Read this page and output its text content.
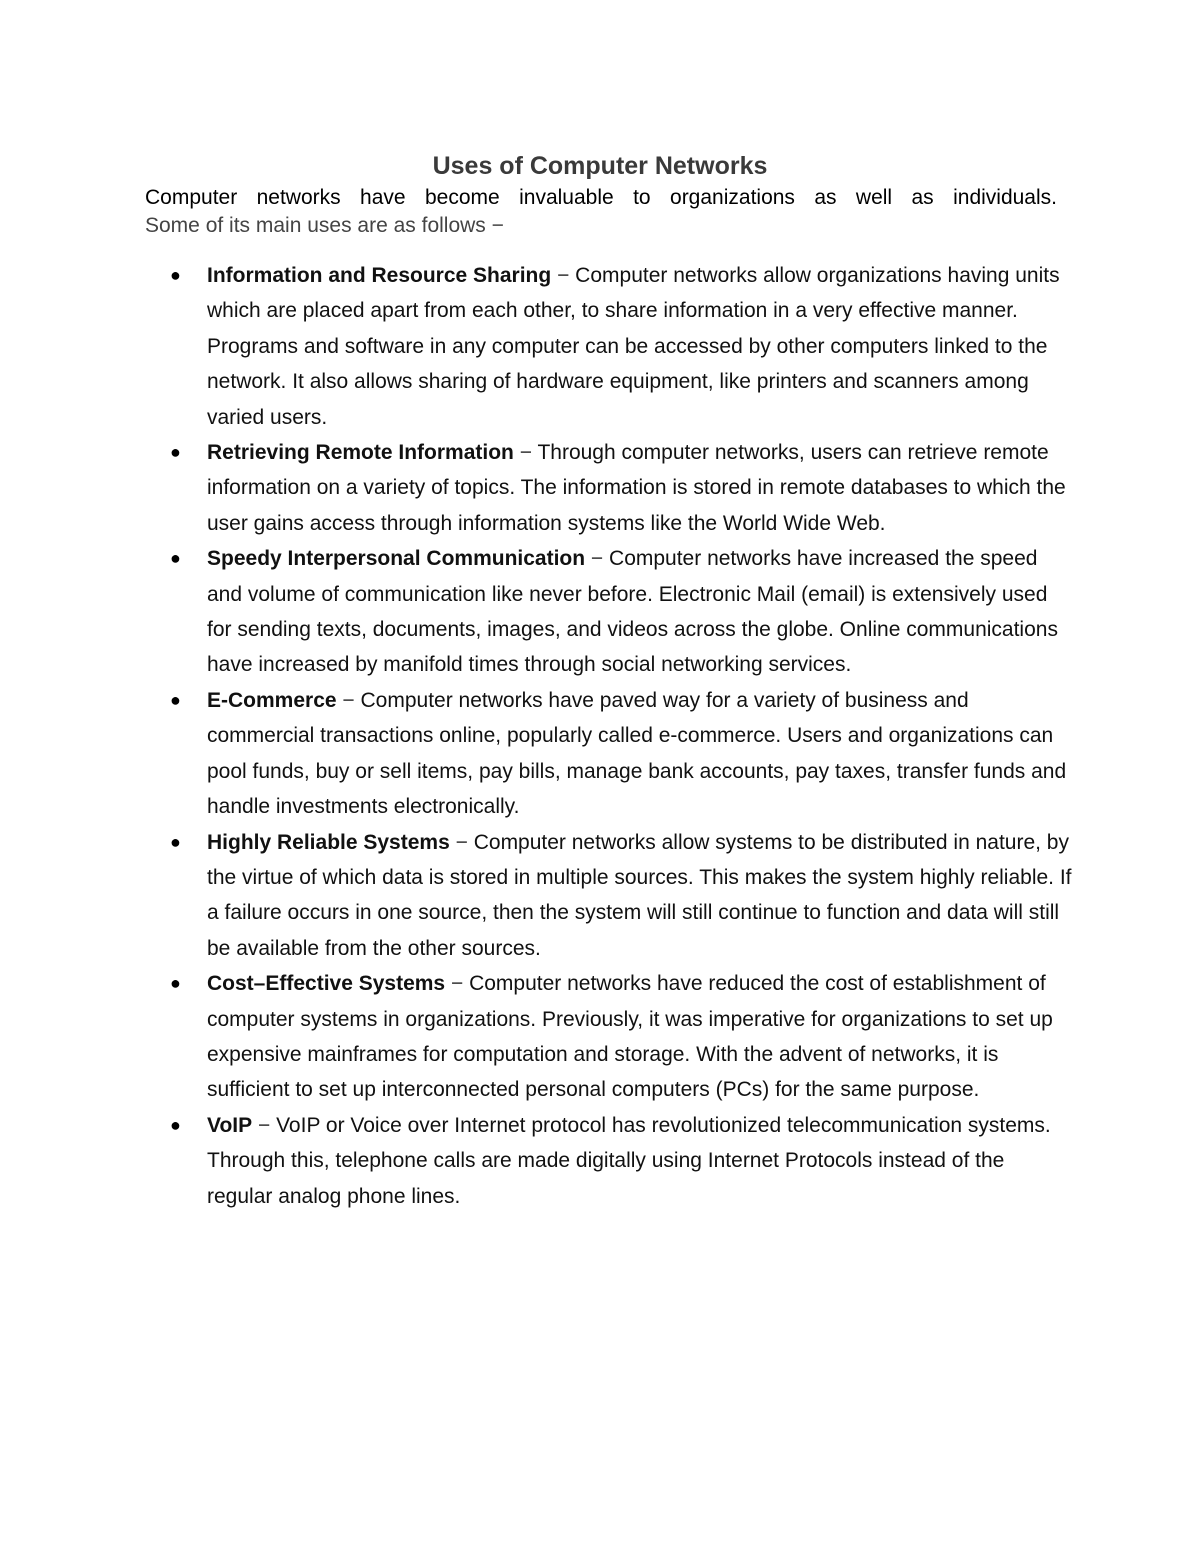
Uses of Computer Networks

Computer networks have become invaluable to organizations as well as individuals.
Some of its main uses are as follows −

● Information and Resource Sharing − Computer networks allow organizations having units which are placed apart from each other, to share information in a very effective manner. Programs and software in any computer can be accessed by other computers linked to the network. It also allows sharing of hardware equipment, like printers and scanners among varied users.
● Retrieving Remote Information − Through computer networks, users can retrieve remote information on a variety of topics. The information is stored in remote databases to which the user gains access through information systems like the World Wide Web.
● Speedy Interpersonal Communication − Computer networks have increased the speed and volume of communication like never before. Electronic Mail (email) is extensively used for sending texts, documents, images, and videos across the globe. Online communications have increased by manifold times through social networking services.
● E-Commerce − Computer networks have paved way for a variety of business and commercial transactions online, popularly called e-commerce. Users and organizations can pool funds, buy or sell items, pay bills, manage bank accounts, pay taxes, transfer funds and handle investments electronically.
● Highly Reliable Systems − Computer networks allow systems to be distributed in nature, by the virtue of which data is stored in multiple sources. This makes the system highly reliable. If a failure occurs in one source, then the system will still continue to function and data will still be available from the other sources.
● Cost–Effective Systems − Computer networks have reduced the cost of establishment of computer systems in organizations. Previously, it was imperative for organizations to set up expensive mainframes for computation and storage. With the advent of networks, it is sufficient to set up interconnected personal computers (PCs) for the same purpose.
● VoIP − VoIP or Voice over Internet protocol has revolutionized telecommunication systems. Through this, telephone calls are made digitally using Internet Protocols instead of the regular analog phone lines.
